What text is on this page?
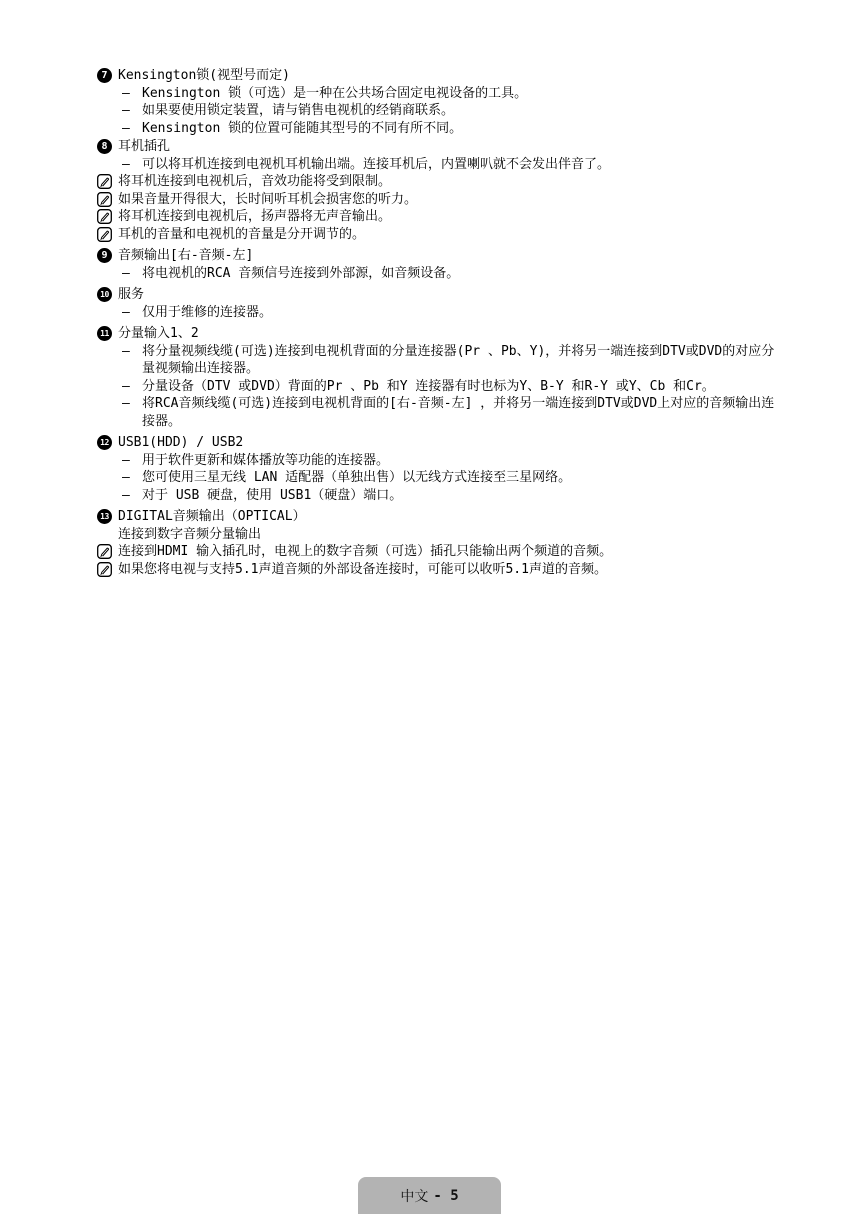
7 Kensington锁(视型号而定)
– Kensington 锁（可选）是一种在公共场合固定电视设备的工具。
– 如果要使用锁定装置，请与销售电视机的经销商联系。
– Kensington 锁的位置可能随其型号的不同有所不同。
8 耳机插孔
– 可以将耳机连接到电视机耳机输出端。连接耳机后，内置喇叭就不会发出伴音了。
将耳机连接到电视机后，音效功能将受到限制。
如果音量开得很大，长时间听耳机会损害您的听力。
将耳机连接到电视机后，扬声器将无声音输出。
耳机的音量和电视机的音量是分开调节的。
9 音频输出[右-音频-左]
– 将电视机的RCA 音频信号连接到外部源，如音频设备。
10 服务
– 仅用于维修的连接器。
11 分量输入1、2
– 将分量视频线缆(可选)连接到电视机背面的分量连接器(Pr 、Pb、Y)，并将另一端连接到DTV或DVD的对应分量视频输出连接器。
– 分量设备（DTV 或DVD）背面的Pr 、Pb 和Y 连接器有时也标为Y、B-Y 和R-Y 或Y、Cb 和Cr。
– 将RCA音频线缆(可选)连接到电视机背面的[右-音频-左] ，并将另一端连接到DTV或DVD上对应的音频输出连接器。
12 USB1(HDD) / USB2
– 用于软件更新和媒体播放等功能的连接器。
– 您可使用三星无线 LAN 适配器（单独出售）以无线方式连接至三星网络。
– 对于 USB 硬盘，使用 USB1（硬盘）端口。
13 DIGITAL音频输出（OPTICAL）
连接到数字音频分量输出
连接到HDMI 输入插孔时，电视上的数字音频（可选）插孔只能输出两个频道的音频。
如果您将电视与支持5.1声道音频的外部设备连接时，可能可以收听5.1声道的音频。
中文 - 5
